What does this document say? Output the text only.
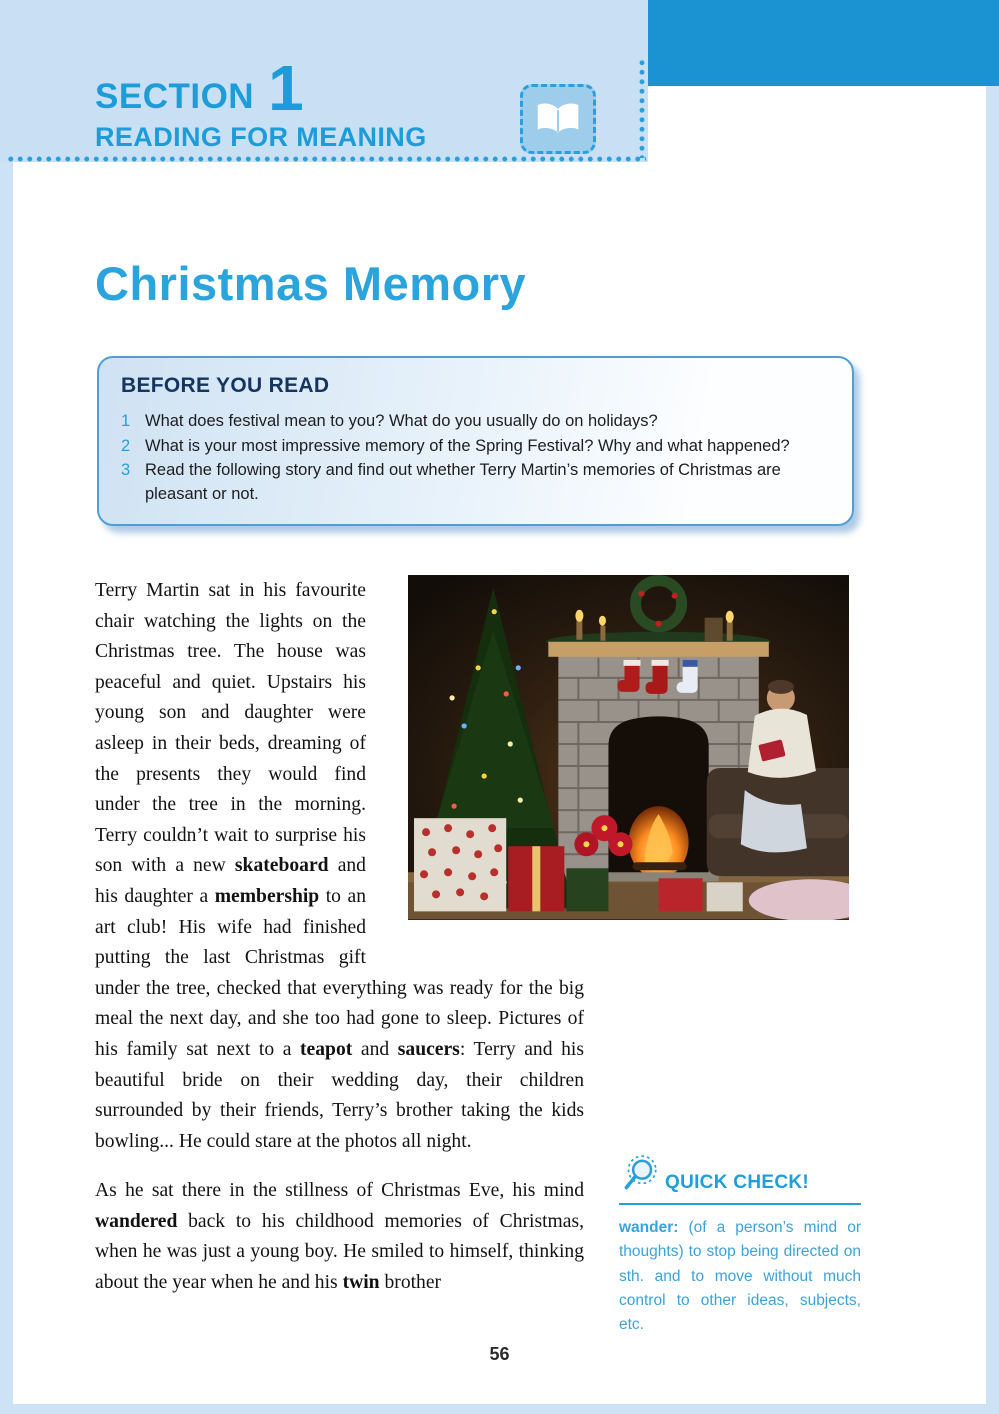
SECTION 1
READING FOR MEANING
Christmas Memory
BEFORE YOU READ
1 What does festival mean to you? What do you usually do on holidays?
2 What is your most impressive memory of the Spring Festival? Why and what happened?
3 Read the following story and find out whether Terry Martin’s memories of Christmas are pleasant or not.

Terry Martin sat in his favourite chair watching the lights on the Christmas tree. The house was peaceful and quiet. Upstairs his young son and daughter were asleep in their beds, dreaming of the presents they would find under the tree in the morning. Terry couldn’t wait to surprise his son with a new skateboard and his daughter a membership to an art club! His wife had finished putting the last Christmas gift under the tree, checked that everything was ready for the big meal the next day, and she too had gone to sleep. Pictures of his family sat next to a teapot and saucers: Terry and his beautiful bride on their wedding day, their children surrounded by their friends, Terry’s brother taking the kids bowling... He could stare at the photos all night.

As he sat there in the stillness of Christmas Eve, his mind wandered back to his childhood memories of Christmas, when he was just a young boy. He smiled to himself, thinking about the year when he and his twin brother

QUICK CHECK!
wander: (of a person’s mind or thoughts) to stop being directed on sth. and to move without much control to other ideas, subjects, etc.
56
